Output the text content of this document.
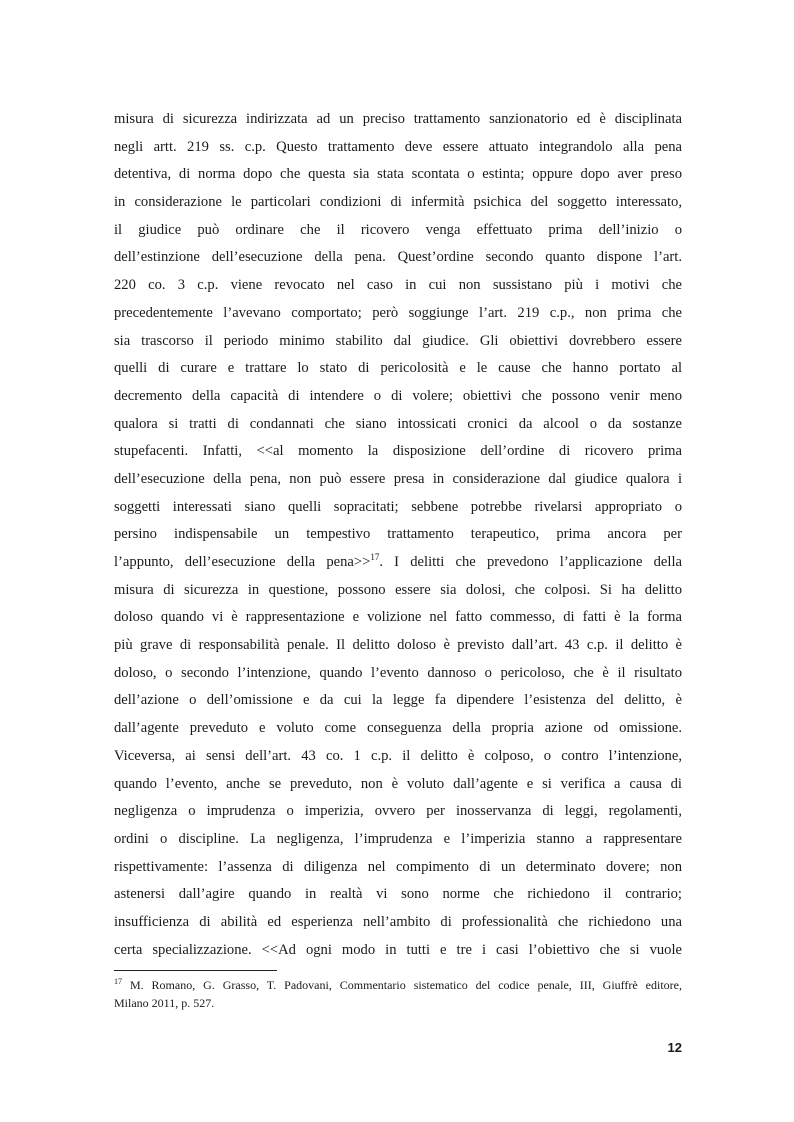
misura di sicurezza indirizzata ad un preciso trattamento sanzionatorio ed è disciplinata
negli artt. 219 ss. c.p. Questo trattamento deve essere attuato integrandolo alla pena
detentiva, di norma dopo che questa sia stata scontata o estinta; oppure dopo aver preso
in considerazione le particolari condizioni di infermità psichica del soggetto interessato,
il giudice può ordinare che il ricovero venga effettuato prima dell’inizio o
dell’estinzione dell’esecuzione della pena. Quest’ordine secondo quanto dispone l’art.
220 co. 3 c.p. viene revocato nel caso in cui non sussistano più i motivi che
precedentemente l’avevano comportato; però soggiunge l’art. 219 c.p., non prima che
sia trascorso il periodo minimo stabilito dal giudice. Gli obiettivi dovrebbero essere
quelli di curare e trattare lo stato di pericolosità e le cause che hanno portato al
decremento della capacità di intendere o di volere; obiettivi che possono venir meno
qualora si tratti di condannati che siano intossicati cronici da alcool o da sostanze
stupefacenti. Infatti, <<al momento la disposizione dell’ordine di ricovero prima
dell’esecuzione della pena, non può essere presa in considerazione dal giudice qualora i
soggetti interessati siano quelli sopracitati; sebbene potrebbe rivelarsi appropriato o
persino indispensabile un tempestivo trattamento terapeutico, prima ancora per
l’appunto, dell’esecuzione della pena>>$^{17}$. I delitti che prevedono l’applicazione della
misura di sicurezza in questione, possono essere sia dolosi, che colposi. Si ha delitto
doloso quando vi è rappresentazione e volizione nel fatto commesso, di fatti è la forma
più grave di responsabilità penale. Il delitto doloso è previsto dall’art. 43 c.p. il delitto è
doloso, o secondo l’intenzione, quando l’evento dannoso o pericoloso, che è il risultato
dell’azione o dell’omissione e da cui la legge fa dipendere l’esistenza del delitto, è
dall’agente preveduto e voluto come conseguenza della propria azione od omissione.
Viceversa, ai sensi dell’art. 43 co. 1 c.p. il delitto è colposo, o contro l’intenzione,
quando l’evento, anche se preveduto, non è voluto dall’agente e si verifica a causa di
negligenza o imprudenza o imperizia, ovvero per inosservanza di leggi, regolamenti,
ordini o discipline. La negligenza, l’imprudenza e l’imperizia stanno a rappresentare
rispettivamente: l’assenza di diligenza nel compimento di un determinato dovere; non
astenersi dall’agire quando in realtà vi sono norme che richiedono il contrario;
insufficienza di abilità ed esperienza nell’ambito di professionalità che richiedono una
certa specializzazione. <<Ad ogni modo in tutti e tre i casi l’obiettivo che si vuole
$^{17}$ M. Romano, G. Grasso, T. Padovani, Commentario sistematico del codice penale, III, Giuffrè editore,
Milano 2011, p. 527.
12
